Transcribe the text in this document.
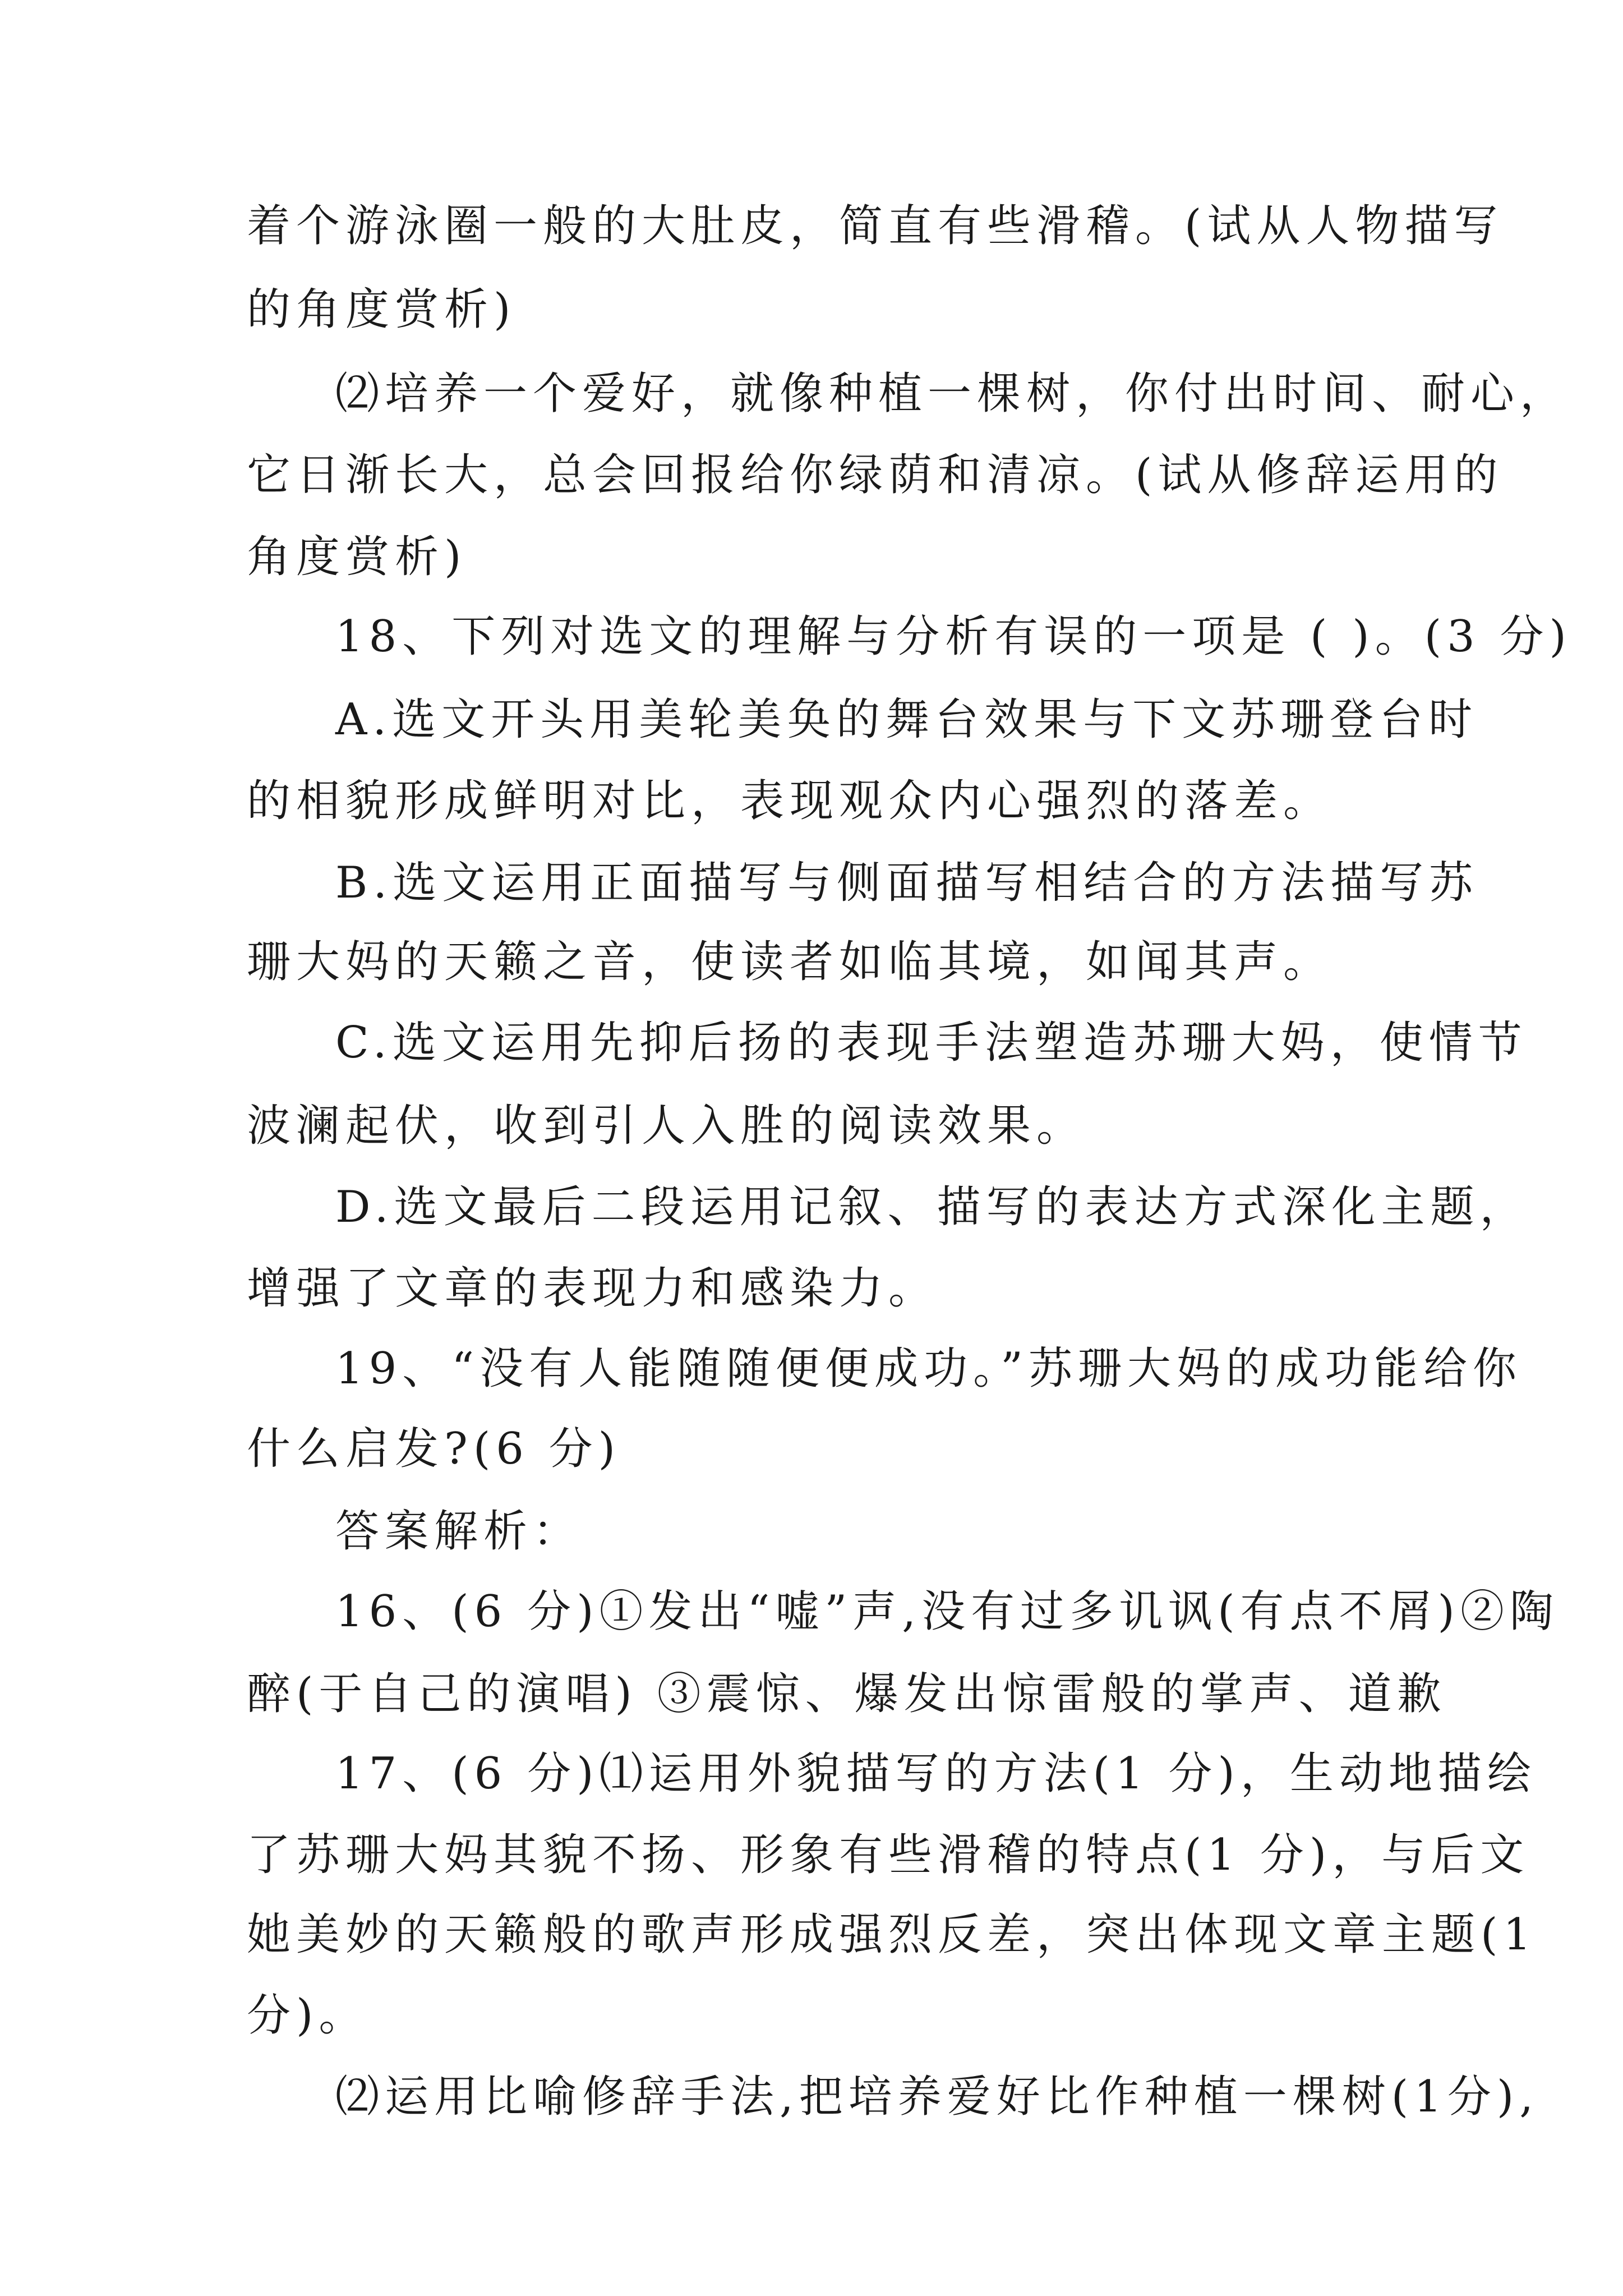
着个游泳圈一般的大肚皮，简直有些滑稽。(试从人物描写
的角度赏析)
⑵培养一个爱好，就像种植一棵树，你付出时间、耐心，
它日渐长大，总会回报给你绿荫和清凉。(试从修辞运用的
角度赏析)
18、下列对选文的理解与分析有误的一项是 ( )。(3 分)
A.选文开头用美轮美奂的舞台效果与下文苏珊登台时
的相貌形成鲜明对比，表现观众内心强烈的落差。
B.选文运用正面描写与侧面描写相结合的方法描写苏
珊大妈的天籁之音，使读者如临其境，如闻其声。
C.选文运用先抑后扬的表现手法塑造苏珊大妈，使情节
波澜起伏，收到引人入胜的阅读效果。
D.选文最后二段运用记叙、描写的表达方式深化主题，
增强了文章的表现力和感染力。
19、“没有人能随随便便成功。”苏珊大妈的成功能给你
什么启发?(6 分)
答案解析：
16、(6 分)①发出“嘘”声,没有过多讥讽(有点不屑)②陶
醉(于自己的演唱) ③震惊、爆发出惊雷般的掌声、道歉
17、(6 分)⑴运用外貌描写的方法(1 分)，生动地描绘
了苏珊大妈其貌不扬、形象有些滑稽的特点(1 分)，与后文
她美妙的天籁般的歌声形成强烈反差，突出体现文章主题(1
分)。
⑵运用比喻修辞手法,把培养爱好比作种植一棵树(1分),
